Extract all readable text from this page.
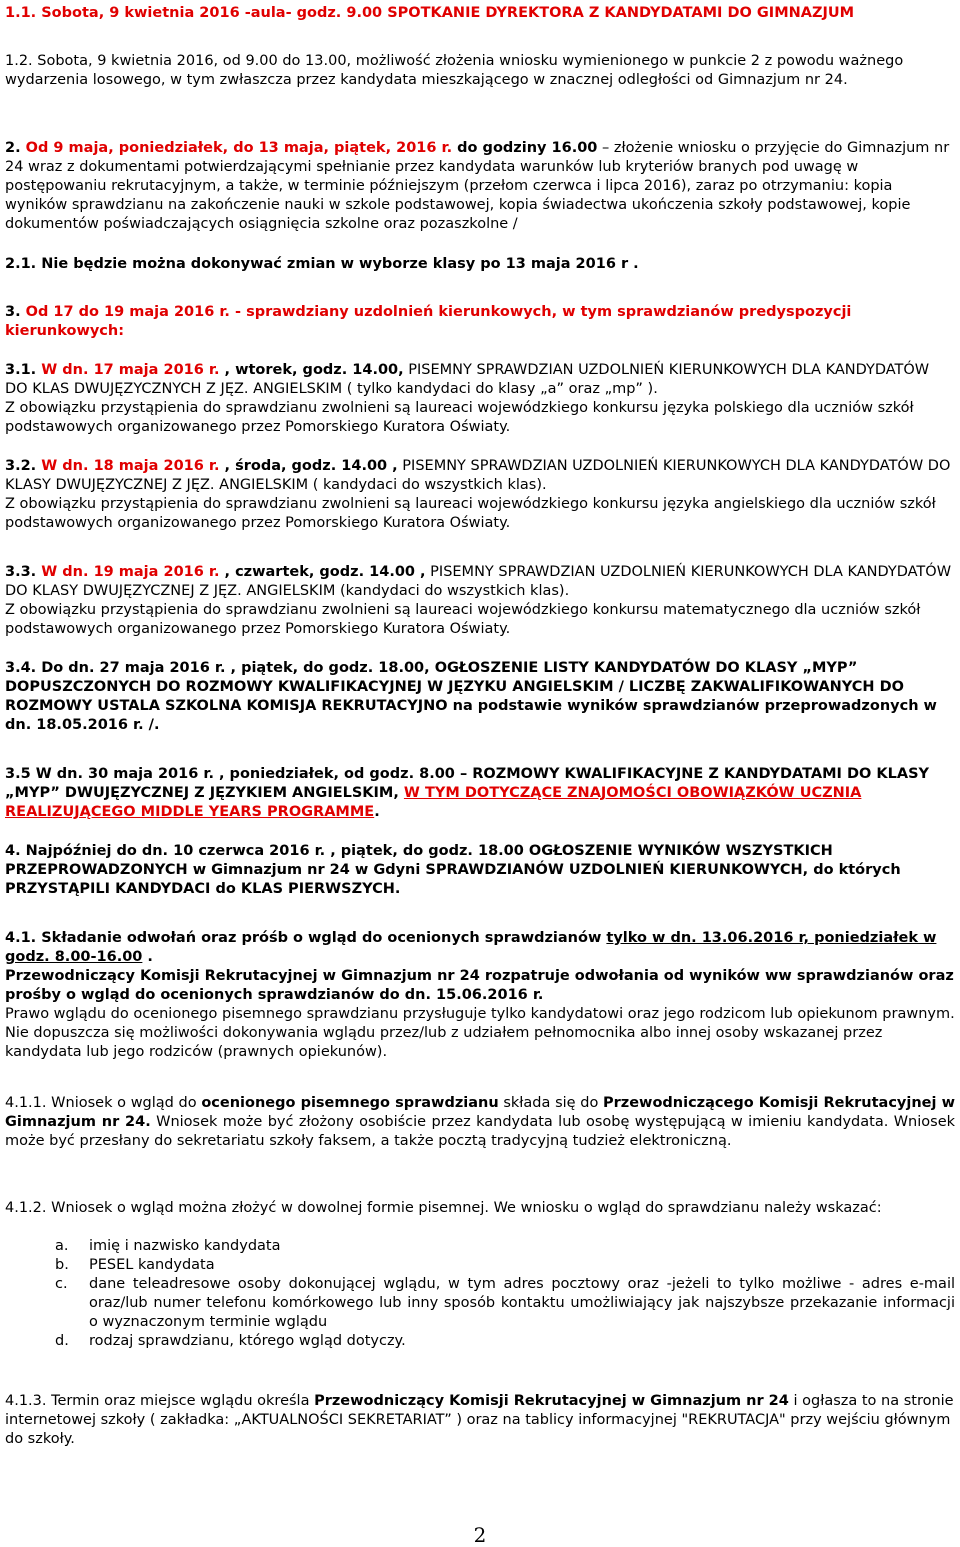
1.1. Sobota, 9 kwietnia 2016 -aula- godz. 9.00 SPOTKANIE DYREKTORA Z KANDYDATAMI DO GIMNAZJUM

1.2. Sobota, 9 kwietnia 2016, od 9.00 do 13.00, możliwość złożenia wniosku wymienionego w punkcie 2 z powodu ważnego wydarzenia losowego, w tym zwłaszcza przez kandydata mieszkającego w znacznej odległości od Gimnazjum nr 24.

2. Od 9 maja, poniedziałek, do 13 maja, piątek, 2016 r. do godziny 16.00 – złożenie wniosku o przyjęcie do Gimnazjum nr 24 wraz z dokumentami potwierdzającymi spełnianie przez kandydata warunków lub kryteriów branych pod uwagę w postępowaniu rekrutacyjnym, a także, w terminie późniejszym (przełom czerwca i lipca 2016), zaraz po otrzymaniu: kopia wyników sprawdzianu na zakończenie nauki w szkole podstawowej, kopia świadectwa ukończenia szkoły podstawowej, kopie dokumentów poświadczających osiągnięcia szkolne oraz pozaszkolne /

2.1. Nie będzie można dokonywać zmian w wyborze klasy po 13 maja 2016 r .

3. Od 17 do 19 maja 2016 r. - sprawdziany uzdolnień kierunkowych, w tym sprawdzianów predyspozycji kierunkowych:

3.1. W dn. 17 maja 2016 r. , wtorek, godz. 14.00, PISEMNY SPRAWDZIAN UZDOLNIEŃ KIERUNKOWYCH DLA KANDYDATÓW DO KLAS DWUJĘZYCZNYCH Z JĘZ. ANGIELSKIM ( tylko kandydaci do klasy „a” oraz „mp” ).

Z obowiązku przystąpienia do sprawdzianu zwolnieni są laureaci wojewódzkiego konkursu języka polskiego dla uczniów szkół podstawowych organizowanego przez Pomorskiego Kuratora Oświaty.

3.2. W dn. 18 maja 2016 r. , środa, godz. 14.00 , PISEMNY SPRAWDZIAN UZDOLNIEŃ KIERUNKOWYCH DLA KANDYDATÓW DO KLASY DWUJĘZYCZNEJ Z JĘZ. ANGIELSKIM ( kandydaci do wszystkich klas).

Z obowiązku przystąpienia do sprawdzianu zwolnieni są laureaci wojewódzkiego konkursu języka angielskiego dla uczniów szkół podstawowych organizowanego przez Pomorskiego Kuratora Oświaty.

3.3. W dn. 19 maja 2016 r. , czwartek, godz. 14.00 , PISEMNY SPRAWDZIAN UZDOLNIEŃ KIERUNKOWYCH DLA KANDYDATÓW DO KLASY DWUJĘZYCZNEJ Z JĘZ. ANGIELSKIM (kandydaci do wszystkich klas).

Z obowiązku przystąpienia do sprawdzianu zwolnieni są laureaci wojewódzkiego konkursu matematycznego dla uczniów szkół podstawowych organizowanego przez Pomorskiego Kuratora Oświaty.

3.4. Do dn. 27 maja 2016 r. , piątek, do godz. 18.00, OGŁOSZENIE LISTY KANDYDATÓW DO KLASY „MYP” DOPUSZCZONYCH DO ROZMOWY KWALIFIKACYJNEJ W JĘZYKU ANGIELSKIM / LICZBĘ ZAKWALIFIKOWANYCH DO ROZMOWY USTALA SZKOLNA KOMISJA REKRUTACYJNO na podstawie wyników sprawdzianów przeprowadzonych w dn. 18.05.2016 r. /.

3.5 W dn. 30 maja 2016 r. , poniedziałek, od godz. 8.00 – ROZMOWY KWALIFIKACYJNE Z KANDYDATAMI DO KLASY „MYP” DWUJĘZYCZNEJ Z JĘZYKIEM ANGIELSKIM, W TYM DOTYCZĄCE ZNAJOMOŚCI OBOWIĄZKÓW UCZNIA REALIZUJĄCEGO MIDDLE YEARS PROGRAMME.

4. Najpóźniej do dn. 10 czerwca 2016 r. , piątek, do godz. 18.00 OGŁOSZENIE WYNIKÓW WSZYSTKICH PRZEPROWADZONYCH w Gimnazjum nr 24 w Gdyni SPRAWDZIANÓW UZDOLNIEŃ KIERUNKOWYCH, do których PRZYSTĄPILI KANDYDACI do KLAS PIERWSZYCH.

4.1. Składanie odwołań oraz próśb o wgląd do ocenionych sprawdzianów tylko w dn. 13.06.2016 r, poniedziałek w godz. 8.00-16.00 .

Przewodniczący Komisji Rekrutacyjnej w Gimnazjum nr 24 rozpatruje odwołania od wyników ww sprawdzianów oraz prośby o wgląd do ocenionych sprawdzianów do dn. 15.06.2016 r.

Prawo wglądu do ocenionego pisemnego sprawdzianu przysługuje tylko kandydatowi oraz jego rodzicom lub opiekunom prawnym. Nie dopuszcza się możliwości dokonywania wglądu przez/lub z udziałem pełnomocnika albo innej osoby wskazanej przez kandydata lub jego rodziców (prawnych opiekunów).

4.1.1. Wniosek o wgląd do ocenionego pisemnego sprawdzianu składa się do Przewodniczącego Komisji Rekrutacyjnej w Gimnazjum nr 24. Wniosek może być złożony osobiście przez kandydata lub osobę występującą w imieniu kandydata. Wniosek może być przesłany do sekretariatu szkoły faksem, a także pocztą tradycyjną tudzież elektroniczną.

4.1.2. Wniosek o wgląd można złożyć w dowolnej formie pisemnej. We wniosku o wgląd do sprawdzianu należy wskazać:

a. imię i nazwisko kandydata
b. PESEL kandydata
c. dane teleadresowe osoby dokonującej wglądu, w tym adres pocztowy oraz -jeżeli to tylko możliwe - adres e-mail oraz/lub numer telefonu komórkowego lub inny sposób kontaktu umożliwiający jak najszybsze przekazanie informacji o wyznaczonym terminie wglądu
d. rodzaj sprawdzianu, którego wgląd dotyczy.

4.1.3. Termin oraz miejsce wglądu określa Przewodniczący Komisji Rekrutacyjnej w Gimnazjum nr 24 i ogłasza to na stronie internetowej szkoły ( zakładka: „AKTUALNOŚCI SEKRETARIAT” ) oraz na tablicy informacyjnej "REKRUTACJA" przy wejściu głównym do szkoły.

2
